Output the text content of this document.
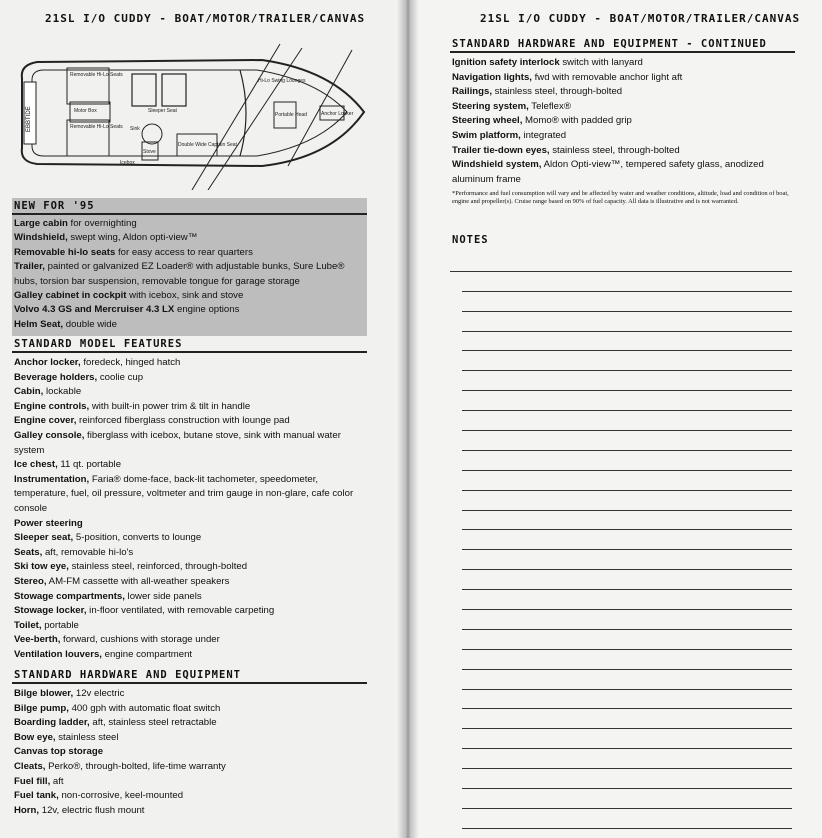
21SL I/O CUDDY - BOAT/MOTOR/TRAILER/CANVAS
EBBTIDE
Removable Hi-Lo Seats
Motor Box
Removable Hi-Lo Seats
Sleeper Seat
Sink
Icebox
Stove
Double Wide Captain Seat
Hi-Lo Swing Lounges
Portable Head	Anchor Locker
NEW FOR '95
Large cabin for overnighting
Windshield, swept wing, Aldon opti-view™
Removable hi-lo seats for easy access to rear quarters
Trailer, painted or galvanized EZ Loader® with adjustable bunks, Sure Lube® hubs, torsion bar suspension, removable tongue for garage storage
Galley cabinet in cockpit with icebox, sink and stove
Volvo 4.3 GS and Mercruiser 4.3 LX engine options
Helm Seat, double wide
STANDARD MODEL FEATURES
Anchor locker, foredeck, hinged hatch
Beverage holders, coolie cup
Cabin, lockable
Engine controls, with built-in power trim & tilt in handle
Engine cover, reinforced fiberglass construction with lounge pad
Galley console, fiberglass with icebox, butane stove, sink with manual water system
Ice chest, 11 qt. portable
Instrumentation, Faria® dome-face, back-lit tachometer, speedometer, temperature, fuel, oil pressure, voltmeter and trim gauge in non-glare, cafe color console
Power steering
Sleeper seat, 5-position, converts to lounge
Seats, aft, removable hi-lo's
Ski tow eye, stainless steel, reinforced, through-bolted
Stereo, AM-FM cassette with all-weather speakers
Stowage compartments, lower side panels
Stowage locker, in-floor ventilated, with removable carpeting
Toilet, portable
Vee-berth, forward, cushions with storage under
Ventilation louvers, engine compartment
STANDARD HARDWARE AND EQUIPMENT
Bilge blower, 12v electric
Bilge pump, 400 gph with automatic float switch
Boarding ladder, aft, stainless steel retractable
Bow eye, stainless steel
Canvas top storage
Cleats, Perko®, through-bolted, life-time warranty
Fuel fill, aft
Fuel tank, non-corrosive, keel-mounted
Horn, 12v, electric flush mount
21SL I/O CUDDY - BOAT/MOTOR/TRAILER/CANVAS
STANDARD HARDWARE AND EQUIPMENT - CONTINUED
Ignition safety interlock switch with lanyard
Navigation lights, fwd with removable anchor light aft
Railings, stainless steel, through-bolted
Steering system, Teleflex®
Steering wheel, Momo® with padded grip
Swim platform, integrated
Trailer tie-down eyes, stainless steel, through-bolted
Windshield system, Aldon Opti-view™, tempered safety glass, anodized aluminum frame
*Performance and fuel consumption will vary and be affected by water and weather conditions, altitude, load and condition of boat, engine and propeller(s). Cruise range based on 90% of fuel capacity. All data is illustrative and is not warranted.
NOTES
